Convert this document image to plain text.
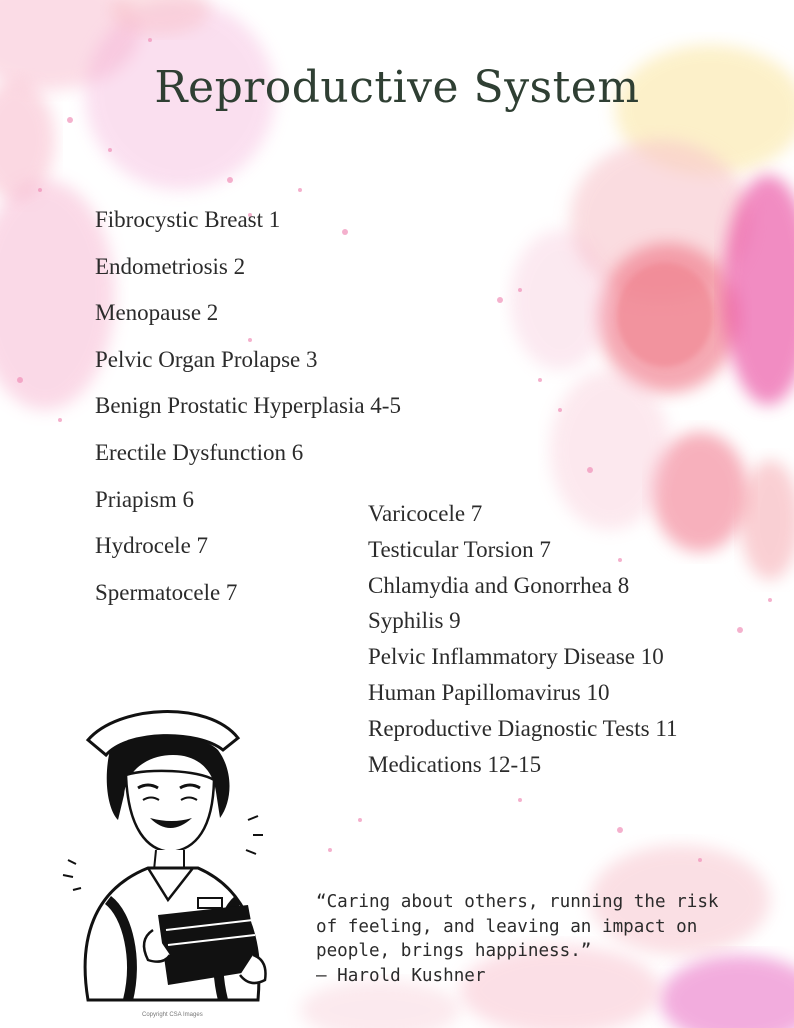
Reproductive System
Fibrocystic Breast 1
Endometriosis 2
Menopause 2
Pelvic Organ Prolapse 3
Benign Prostatic Hyperplasia 4-5
Erectile Dysfunction 6
Priapism 6
Hydrocele 7
Spermatocele 7
Varicocele 7
Testicular Torsion 7
Chlamydia and Gonorrhea 8
Syphilis 9
Pelvic Inflammatory Disease 10
Human Papillomavirus 10
Reproductive Diagnostic Tests 11
Medications 12-15
Copyright CSA Images

“Caring about others, running the risk

of feeling, and leaving an impact on

people, brings happiness.”

– Harold Kushner
